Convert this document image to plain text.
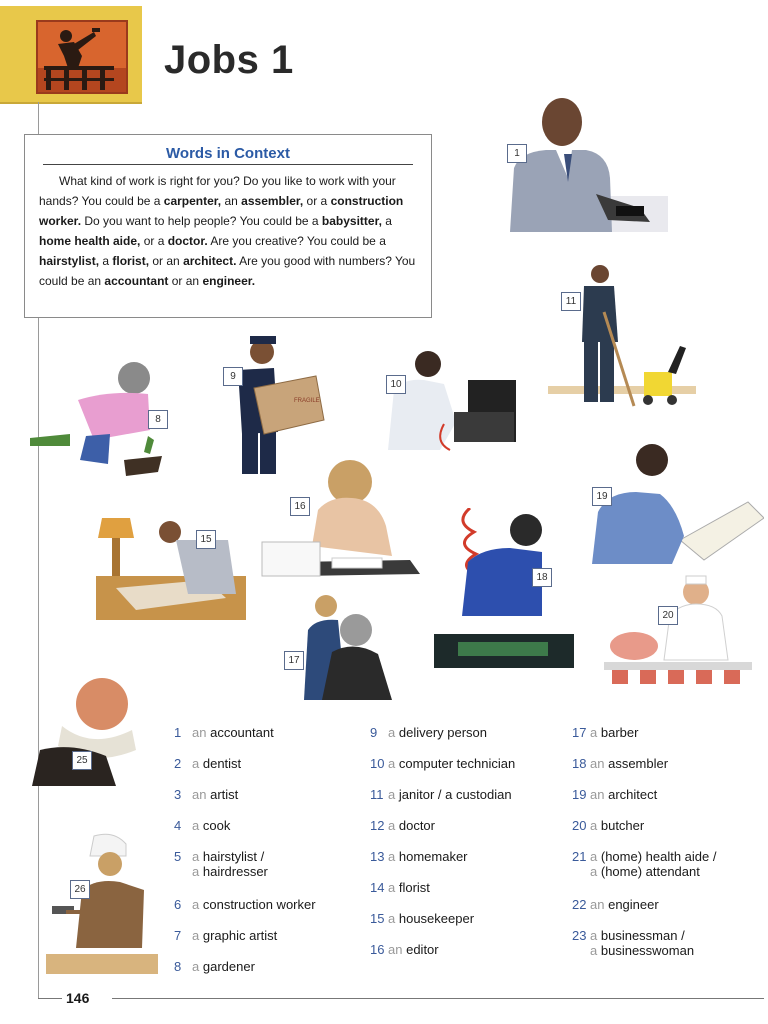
Jobs 1
Words in Context

What kind of work is right for you? Do you like to work with your hands? You could be a carpenter, an assembler, or a construction worker. Do you want to help people? You could be a babysitter, a home health aide, or a doctor. Are you creative? You could be a hairstylist, a florist, or an architect. Are you good with numbers? You could be an accountant or an engineer.

1
11
8
FRAGILE
9
10
19
15
16
18
17
20
25
26
1 an accountant
2 a dentist
3 an artist
4 a cook
5 a hairstylist /
a hairdresser
6 a construction worker
7 a graphic artist
8 a gardener
9 a delivery person
10 a computer technician
11 a janitor / a custodian
12 a doctor
13 a homemaker
14 a florist
15 a housekeeper
16 an editor
17 a barber
18 an assembler
19 an architect
20 a butcher
21 a (home) health aide /
a (home) attendant
22 an engineer
23 a businessman /
a businesswoman
146
